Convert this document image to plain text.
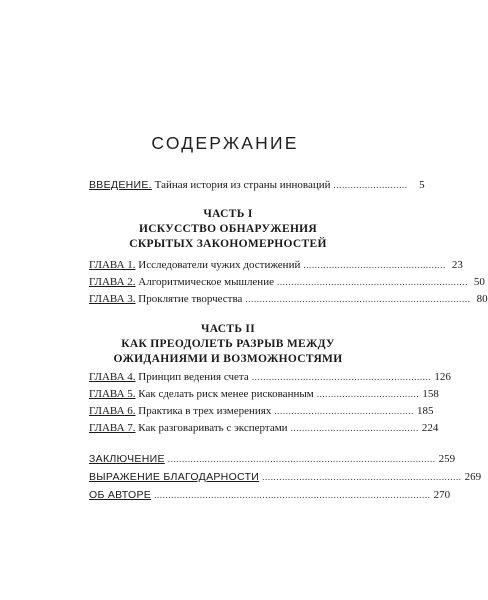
СОДЕРЖАНИЕ
ВВЕДЕНИЕ. Тайная история из страны инноваций ..........................	5
ЧАСТЬ I
ИСКУССТВО ОБНАРУЖЕНИЯ
СКРЫТЫХ ЗАКОНОМЕРНОСТЕЙ
ГЛАВА 1. Исследователи чужих достижений .................................................. 23
ГЛАВА 2. Алгоритмическое мышление ................................................................... 50
ГЛАВА 3. Проклятие творчества ............................................................................... 80
ЧАСТЬ II
КАК ПРЕОДОЛЕТЬ РАЗРЫВ МЕЖДУ
ОЖИДАНИЯМИ И ВОЗМОЖНОСТЯМИ
ГЛАВА 4. Принцип ведения счета ............................................................... 126
ГЛАВА 5. Как сделать риск менее рискованным .................................... 158
ГЛАВА 6. Практика в трех измерениях ................................................. 185
ГЛАВА 7. Как разговаривать с экспертами ............................................. 224
ЗАКЛЮЧЕНИЕ .............................................................................................. 259
ВЫРАЖЕНИЕ БЛАГОДАРНОСТИ ...................................................................... 269
ОБ АВТОРЕ ................................................................................................. 270
